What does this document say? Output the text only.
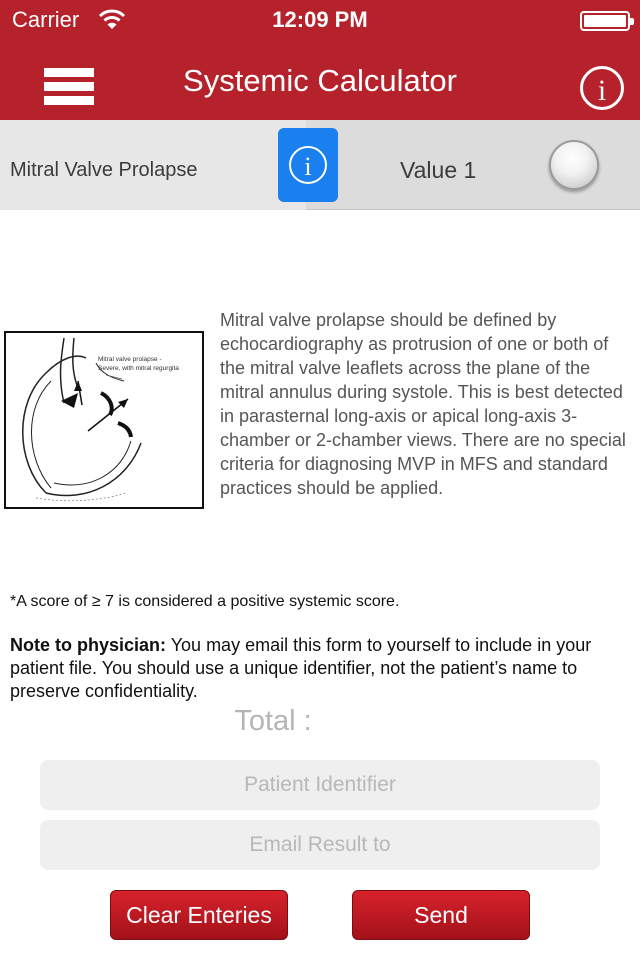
Carrier	12:09 PM
Systemic Calculator	i
Mitral Valve Prolapse	i	Value 1
Mitral valve prolapse -
Severe, with mitral regurgita
Mitral valve prolapse should be defined by echocardiography as protrusion of one or both of the mitral valve leaflets across the plane of the mitral annulus during systole. This is best detected in parasternal long-axis or apical long-axis 3-chamber or 2-chamber views. There are no special criteria for diagnosing MVP in MFS and standard practices should be applied.
*A score of ≥ 7 is considered a positive systemic score.
Note to physician: You may email this form to yourself to include in your patient file. You should use a unique identifier, not the patient’s name to preserve confidentiality.
Total :
Patient Identifier
Email Result to
Clear Enteries	Send
